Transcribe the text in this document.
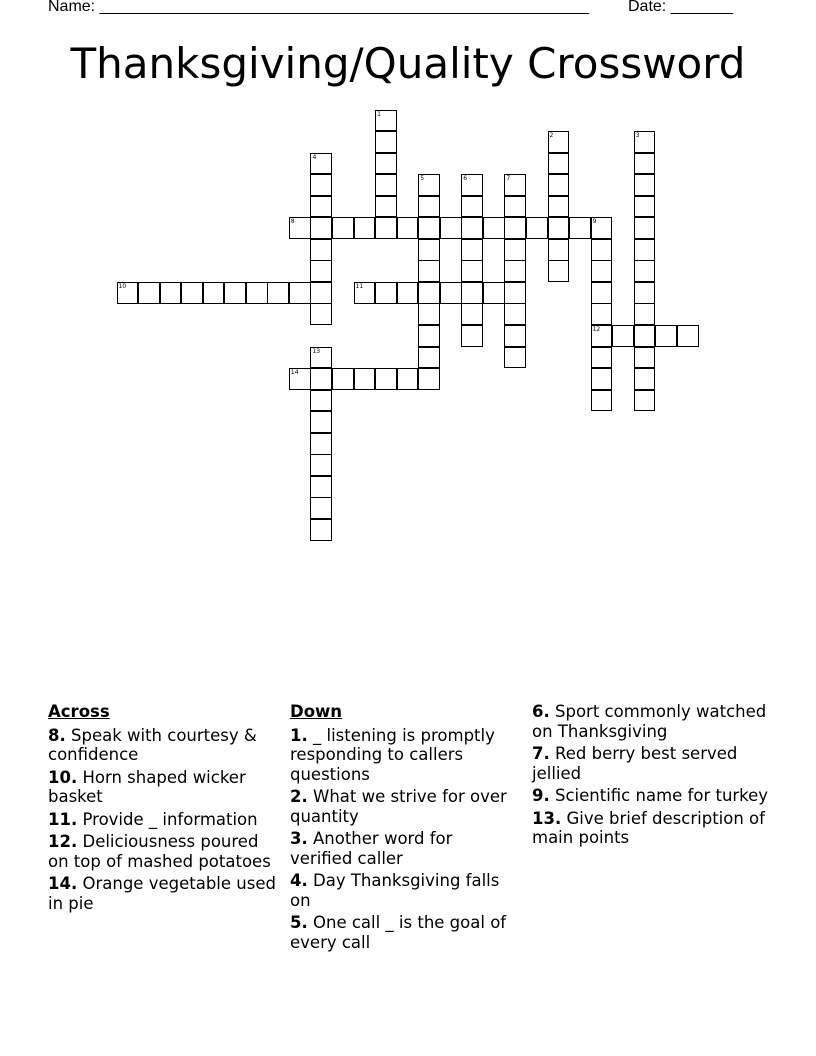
Name: _______________________________________________________ Date: _______
Thanksgiving/Quality Crossword
1
2	3
4
5	6	7
8	9
12
10	11
13
14
Across
8. Speak with courtesy & confidence
10. Horn shaped wicker basket
11. Provide _ information
12. Deliciousness poured on top of mashed potatoes
14. Orange vegetable used in pie
Down
1. _ listening is promptly responding to callers questions
2. What we strive for over quantity
3. Another word for verified caller
4. Day Thanksgiving falls on
5. One call _ is the goal of every call
6. Sport commonly watched on Thanksgiving
7. Red berry best served jellied
9. Scientific name for turkey
13. Give brief description of main points
